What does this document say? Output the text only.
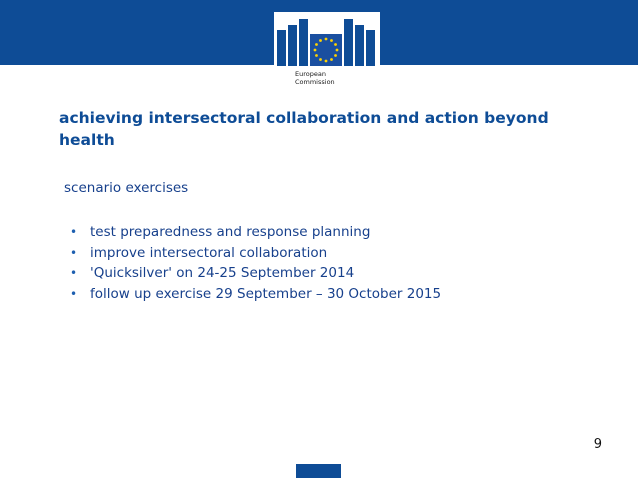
European
Commission
achieving intersectoral collaboration and action beyond health

scenario exercises

• test preparedness and response planning
• improve intersectoral collaboration
• 'Quicksilver' on 24-25 September 2014
• follow up exercise 29 September – 30 October 2015
9
